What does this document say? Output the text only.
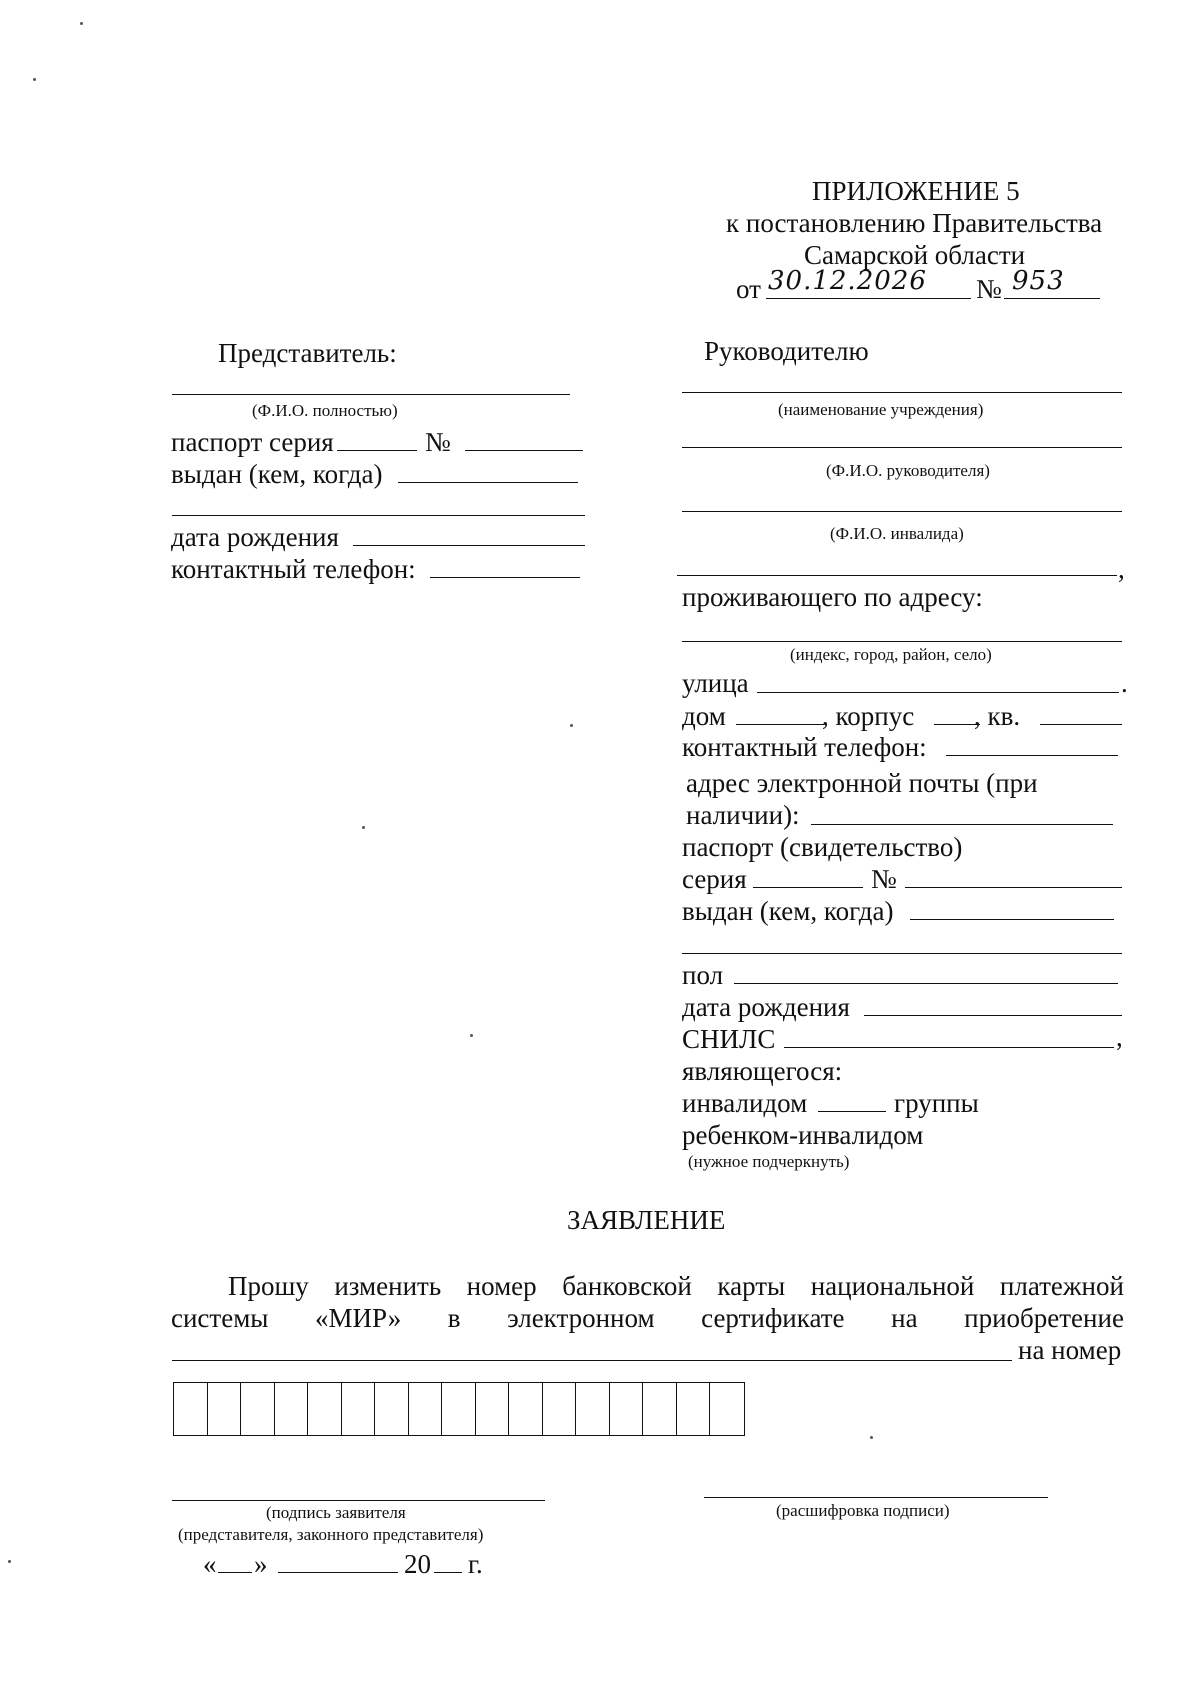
ПРИЛОЖЕНИЕ 5
к постановлению Правительства
Самарской области
от 30.12.2026 № 953
Представитель:
(Ф.И.О. полностью)
паспорт серия	№
выдан (кем, когда)
дата рождения
контактный телефон:
Руководителю
(наименование учреждения)
(Ф.И.О. руководителя)
(Ф.И.О. инвалида)
,
проживающего по адресу:
(индекс, город, район, село)
улица	.
дом	, корпус , кв.
контактный телефон:
адрес электронной почты (при
наличии):
паспорт (свидетельство)
серия	№
выдан (кем, когда)
пол
дата рождения
СНИЛС	,
являющегося:
инвалидом	группы
ребенком-инвалидом
(нужное подчеркнуть)
ЗАЯВЛЕНИЕ
Прошу изменить номер банковской карты национальной платежной
системы «МИР» в электронном сертификате на приобретение
на номер
(подпись заявителя	(расшифровка подписи)
(представителя, законного представителя)
« »	20 г.
